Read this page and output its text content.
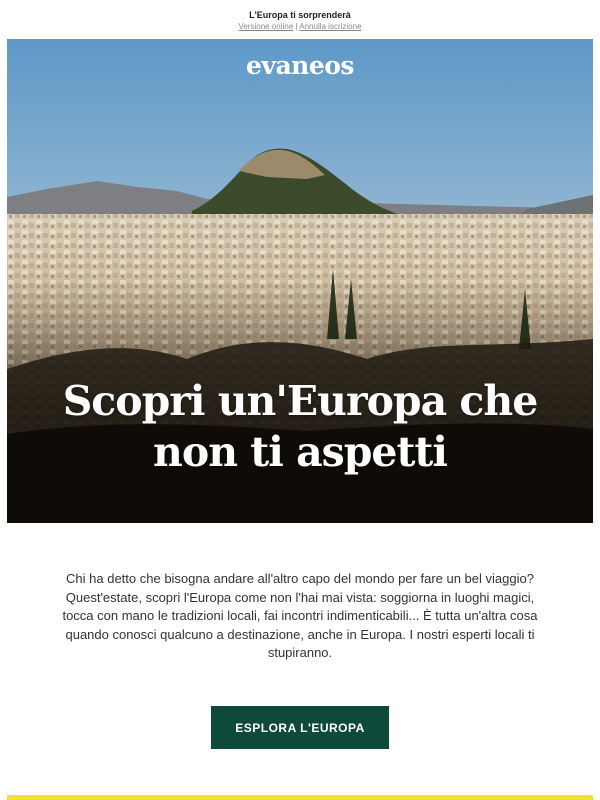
L'Europa ti sorprenderà
Versione online | Annulla iscrizione
evaneos
Scopri un'Europa che
non ti aspetti
Chi ha detto che bisogna andare all'altro capo del mondo per fare un bel viaggio? Quest'estate, scopri l'Europa come non l'hai mai vista: soggiorna in luoghi magici, tocca con mano le tradizioni locali, fai incontri indimenticabili... È tutta un'altra cosa quando conosci qualcuno a destinazione, anche in Europa. I nostri esperti locali ti stupiranno.
ESPLORA L'EUROPA
